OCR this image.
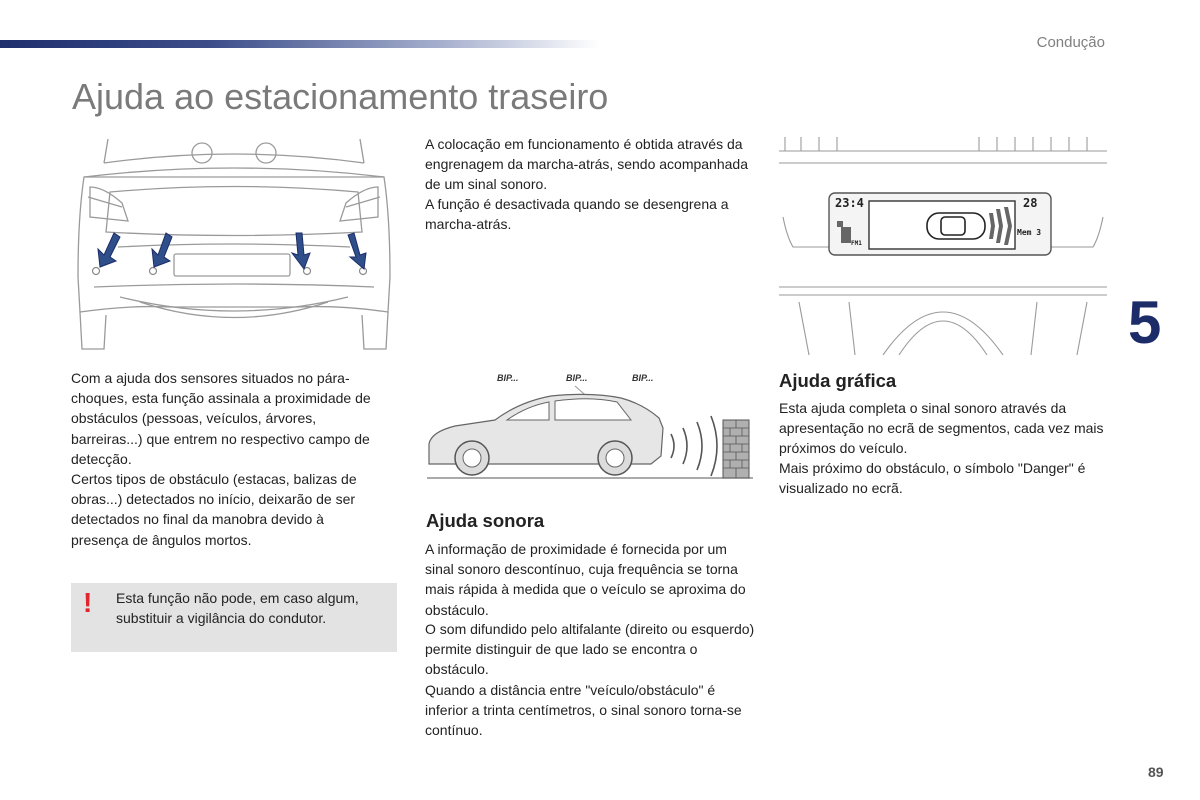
Condução
Ajuda ao estacionamento traseiro
5
89

Com a ajuda dos sensores situados no pára-choques, esta função assinala a proximidade de obstáculos (pessoas, veículos, árvores, barreiras...) que entrem no respectivo campo de detecção.

Certos tipos de obstáculo (estacas, balizas de obras...) detectados no início, deixarão de ser detectados no final da manobra devido à presença de ângulos mortos.

! Esta função não pode, em caso algum, substituir a vigilância do condutor.

A colocação em funcionamento é obtida através da engrenagem da marcha-atrás, sendo acompanhada de um sinal sonoro.

A função é desactivada quando se desengrena a marcha-atrás.

BIP...	BIP...	BIP...
Ajuda sonora

A informação de proximidade é fornecida por um sinal sonoro descontínuo, cuja frequência se torna mais rápida à medida que o veículo se aproxima do obstáculo.

O som difundido pelo altifalante (direito ou esquerdo) permite distinguir de que lado se encontra o obstáculo.

Quando a distância entre "veículo/obstáculo" é inferior a trinta centímetros, o sinal sonoro torna-se contínuo.

23:4	28
Mem 3
FM1
Ajuda gráfica

Esta ajuda completa o sinal sonoro através da apresentação no ecrã de segmentos, cada vez mais próximos do veículo.

Mais próximo do obstáculo, o símbolo "Danger" é visualizado no ecrã.
